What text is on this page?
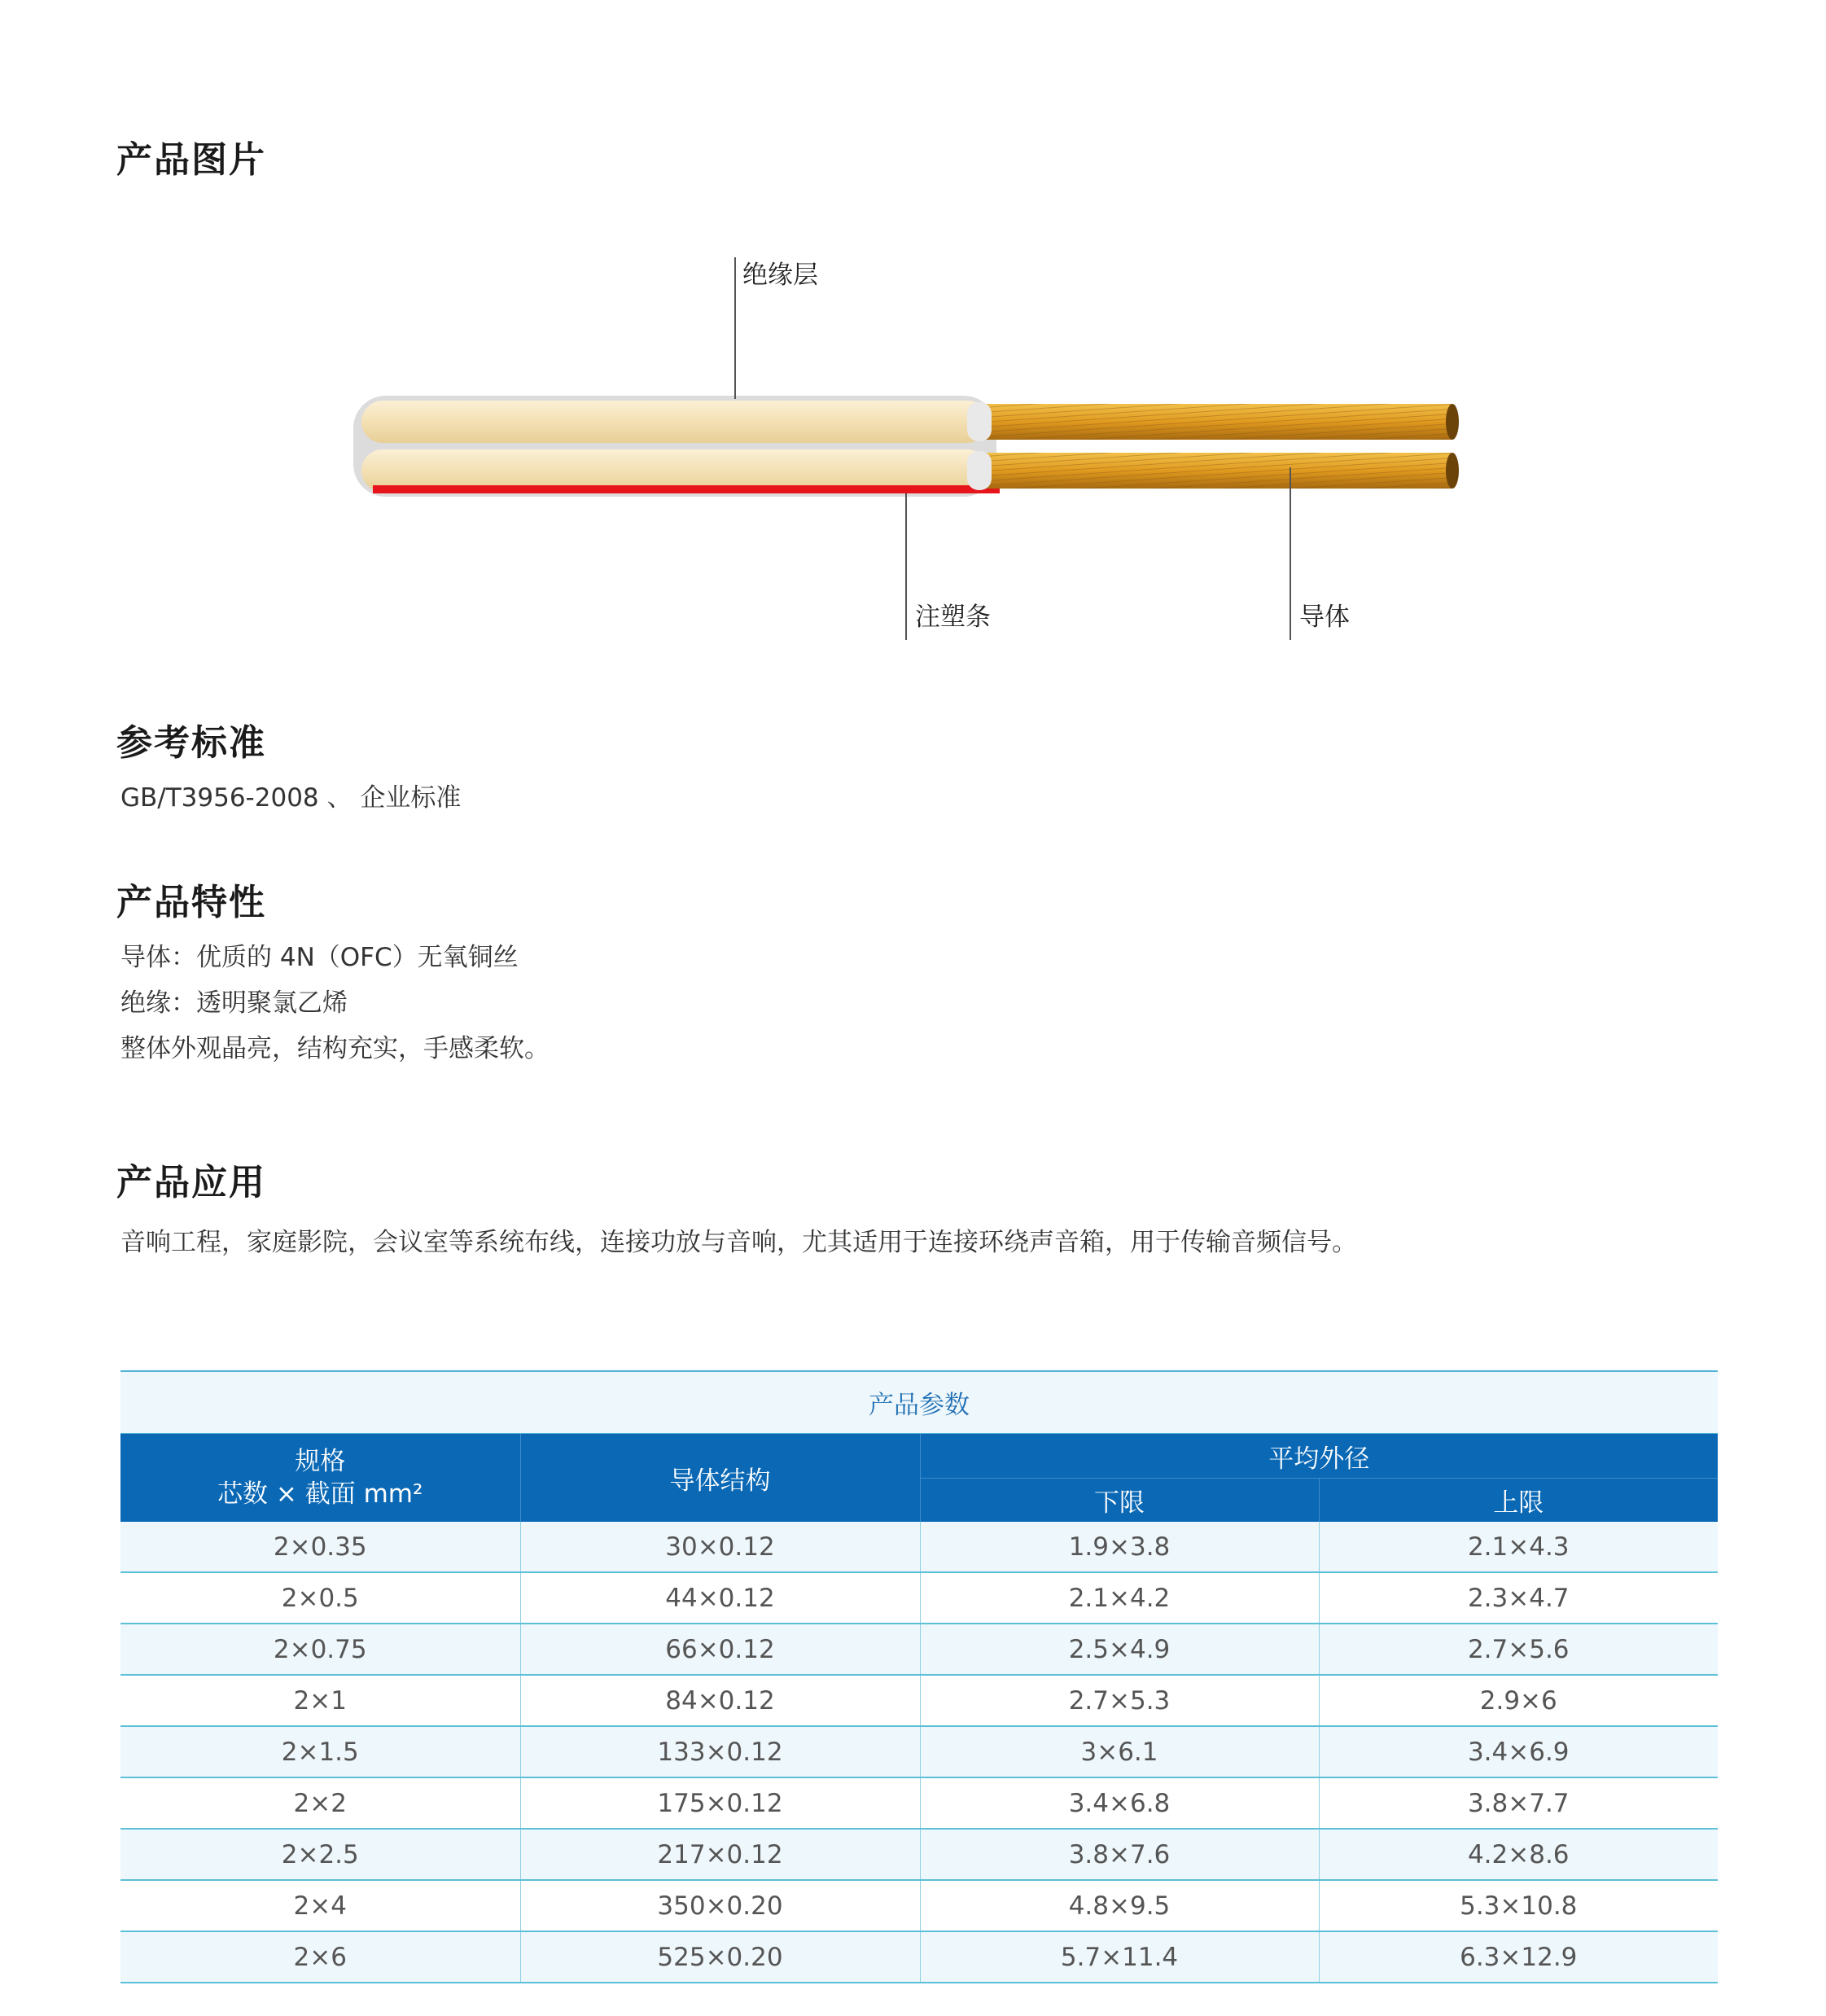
产品图片
绝缘层
注塑条	导体
参考标准

GB/T3956-2008 、 企业标准

产品特性
导体：优质的 4N（OFC）无氧铜丝
绝缘：透明聚氯乙烯
整体外观晶亮，结构充实，手感柔软。
产品应用

音响工程，家庭影院，会议室等系统布线，连接功放与音响，尤其适用于连接环绕声音箱，用于传输音频信号。

产品参数			

规格
芯数 × 截面 mm²	导体结构	平均外径	
		下限	上限
2×0.35	30×0.12	1.9×3.8	2.1×4.3
2×0.5	44×0.12	2.1×4.2	2.3×4.7
2×0.75	66×0.12	2.5×4.9	2.7×5.6
2×1	84×0.12	2.7×5.3	2.9×6
2×1.5	133×0.12	3×6.1	3.4×6.9
2×2	175×0.12	3.4×6.8	3.8×7.7
2×2.5	217×0.12	3.8×7.6	4.2×8.6
2×4	350×0.20	4.8×9.5	5.3×10.8
2×6	525×0.20	5.7×11.4	6.3×12.9
